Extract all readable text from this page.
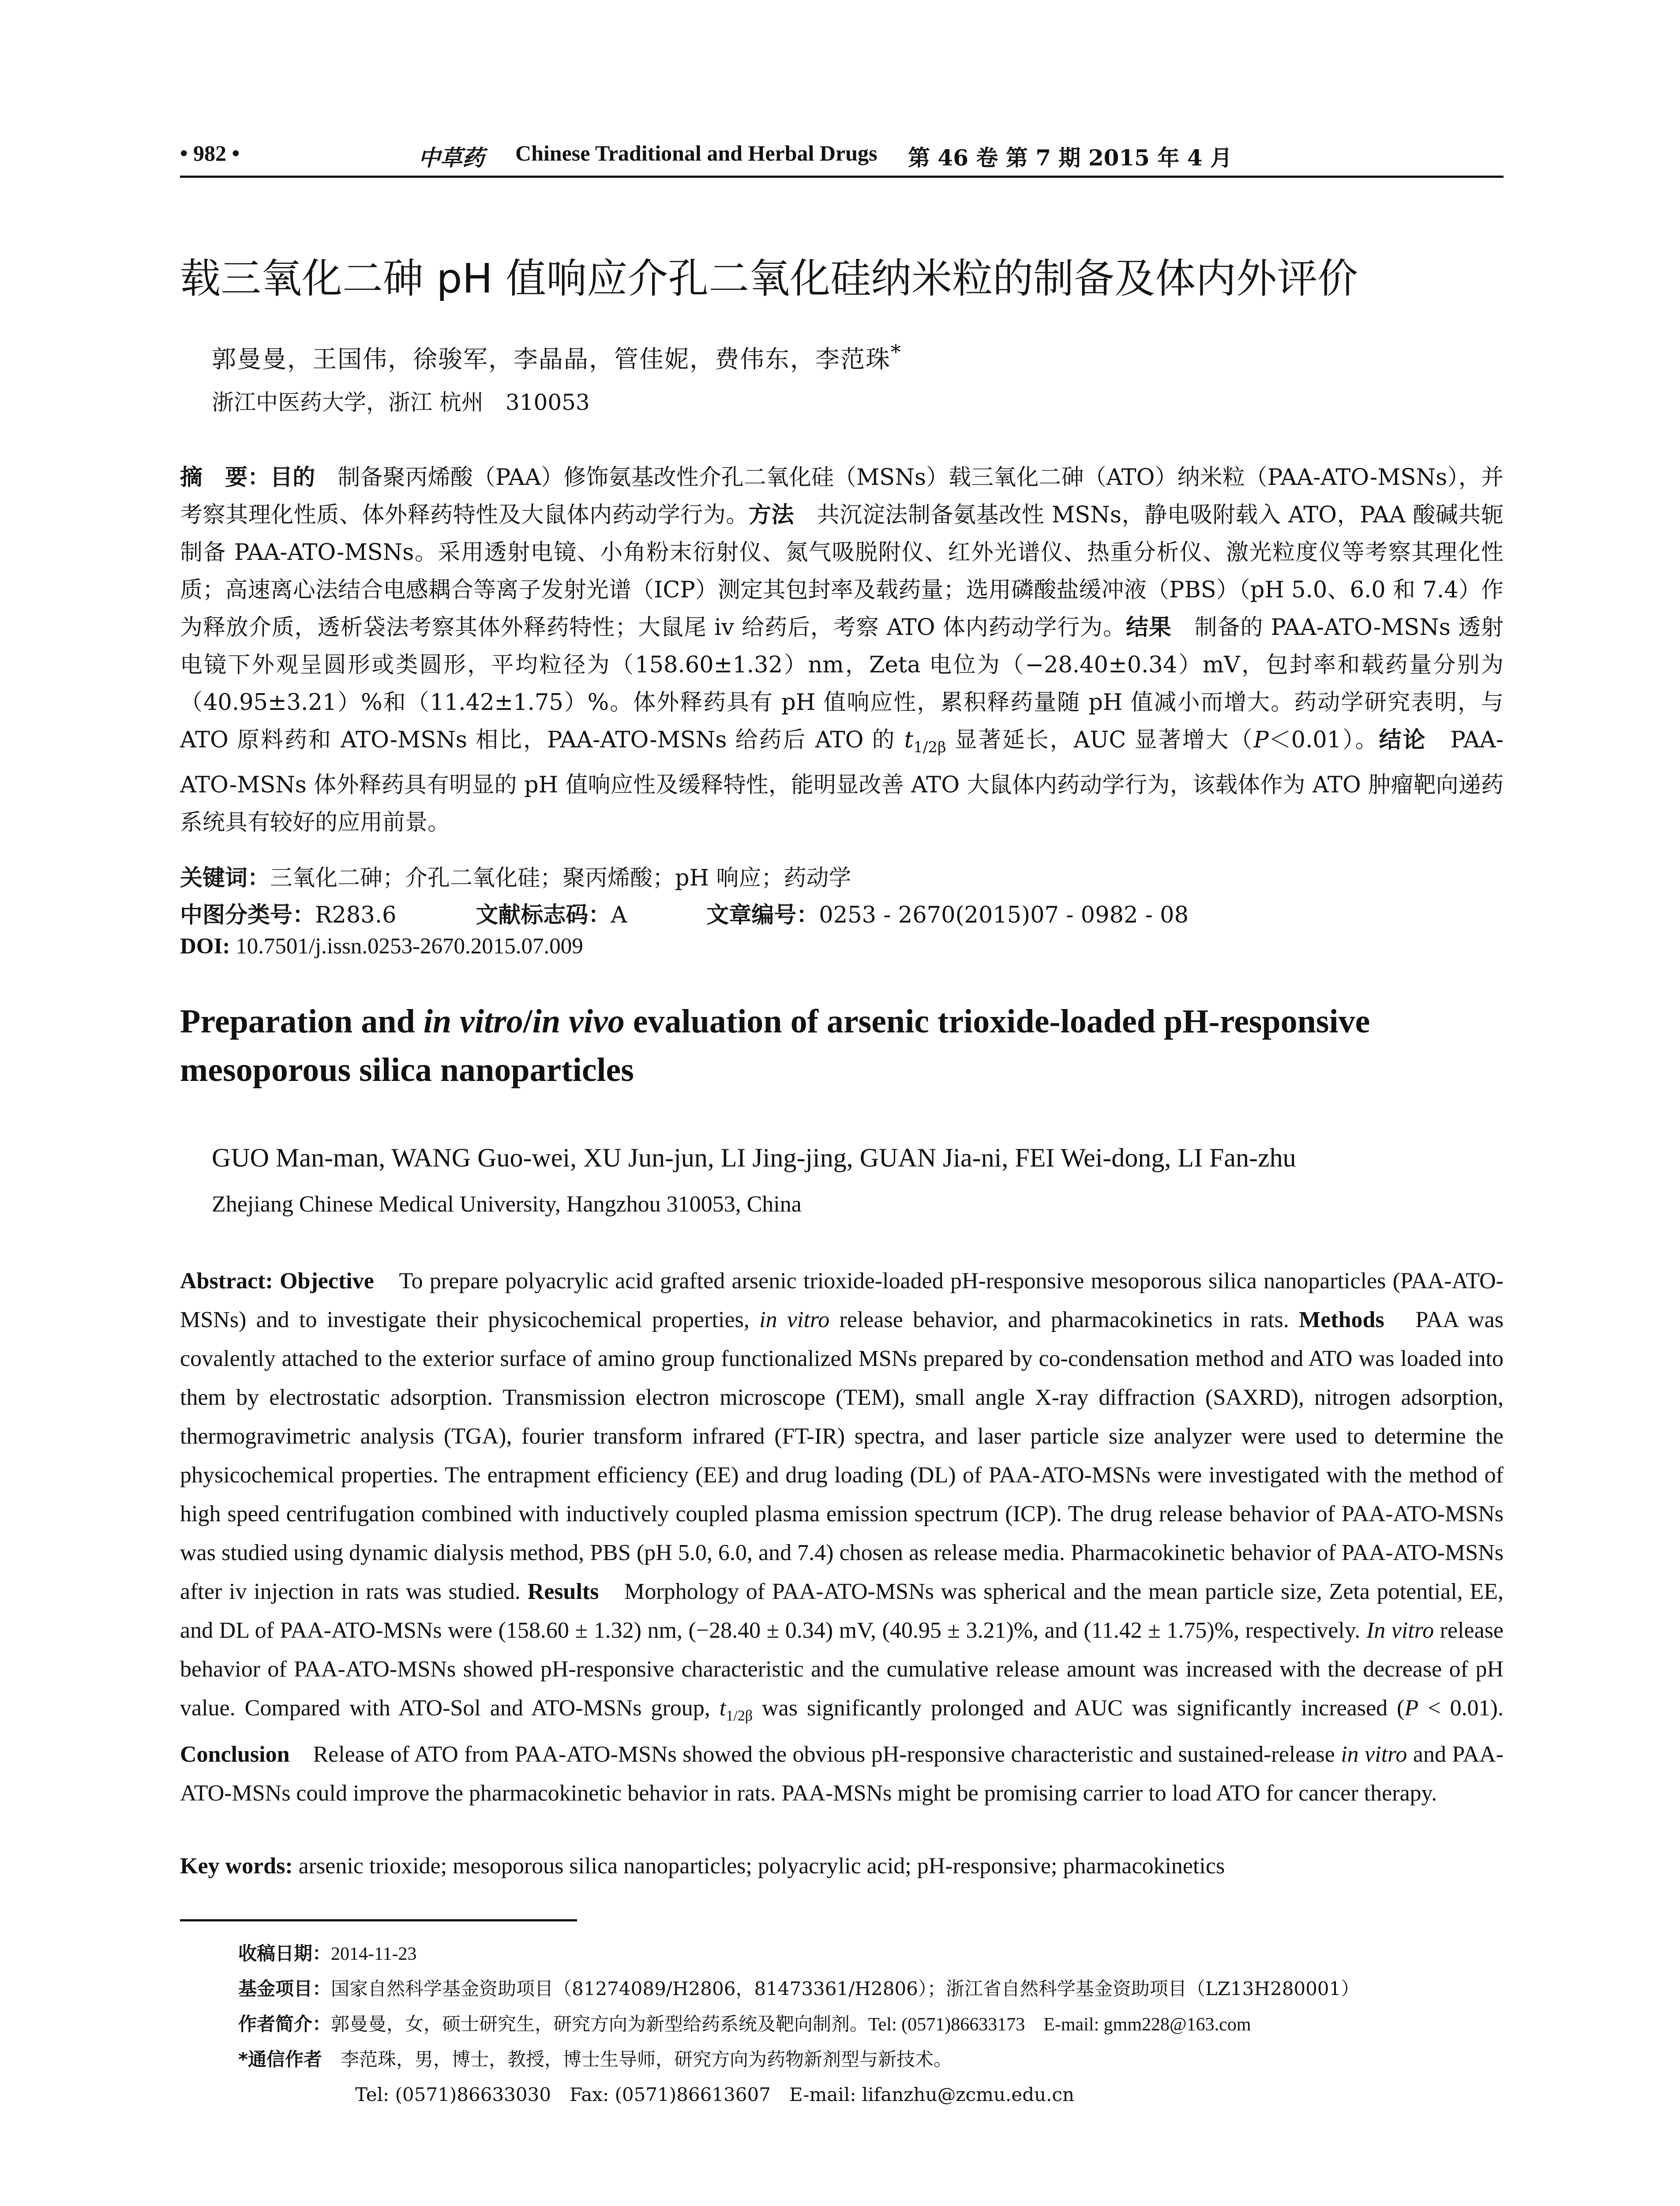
• 982 •	中草药 Chinese Traditional and Herbal Drugs 第 46 卷 第 7 期 2015 年 4 月
载三氧化二砷 pH 值响应介孔二氧化硅纳米粒的制备及体内外评价
郭曼曼，王国伟，徐骏军，李晶晶，管佳妮，费伟东，李范珠*
浙江中医药大学，浙江 杭州　310053
摘　要：目的　制备聚丙烯酸（PAA）修饰氨基改性介孔二氧化硅（MSNs）载三氧化二砷（ATO）纳米粒（PAA-ATO-MSNs），并考察其理化性质、体外释药特性及大鼠体内药动学行为。方法　共沉淀法制备氨基改性 MSNs，静电吸附载入 ATO，PAA 酸碱共轭制备 PAA-ATO-MSNs。采用透射电镜、小角粉末衍射仪、氮气吸脱附仪、红外光谱仪、热重分析仪、激光粒度仪等考察其理化性质；高速离心法结合电感耦合等离子发射光谱（ICP）测定其包封率及载药量；选用磷酸盐缓冲液（PBS）（pH 5.0、6.0 和 7.4）作为释放介质，透析袋法考察其体外释药特性；大鼠尾 iv 给药后，考察 ATO 体内药动学行为。结果　制备的 PAA-ATO-MSNs 透射电镜下外观呈圆形或类圆形，平均粒径为（158.60±1.32）nm，Zeta 电位为（−28.40±0.34）mV，包封率和载药量分别为（40.95±3.21）%和（11.42±1.75）%。体外释药具有 pH 值响应性，累积释药量随 pH 值减小而增大。药动学研究表明，与 ATO 原料药和 ATO-MSNs 相比，PAA-ATO-MSNs 给药后 ATO 的 $t_{1/2\beta}$ 显著延长，AUC 显著增大（P＜0.01）。结论　PAA-ATO-MSNs 体外释药具有明显的 pH 值响应性及缓释特性，能明显改善 ATO 大鼠体内药动学行为，该载体作为 ATO 肿瘤靶向递药系统具有较好的应用前景。
关键词：三氧化二砷；介孔二氧化硅；聚丙烯酸；pH 响应；药动学
中图分类号：R283.6	文献标志码：A	文章编号：0253 - 2670(2015)07 - 0982 - 08
DOI: 10.7501/j.issn.0253-2670.2015.07.009
Preparation and in vitro/in vivo evaluation of arsenic trioxide-loaded pH-responsive mesoporous silica nanoparticles
GUO Man-man, WANG Guo-wei, XU Jun-jun, LI Jing-jing, GUAN Jia-ni, FEI Wei-dong, LI Fan-zhu
Zhejiang Chinese Medical University, Hangzhou 310053, China
Abstract: Objective　To prepare polyacrylic acid grafted arsenic trioxide-loaded pH-responsive mesoporous silica nanoparticles (PAA-ATO-MSNs) and to investigate their physicochemical properties, in vitro release behavior, and pharmacokinetics in rats. Methods　PAA was covalently attached to the exterior surface of amino group functionalized MSNs prepared by co-condensation method and ATO was loaded into them by electrostatic adsorption. Transmission electron microscope (TEM), small angle X-ray diffraction (SAXRD), nitrogen adsorption, thermogravimetric analysis (TGA), fourier transform infrared (FT-IR) spectra, and laser particle size analyzer were used to determine the physicochemical properties. The entrapment efficiency (EE) and drug loading (DL) of PAA-ATO-MSNs were investigated with the method of high speed centrifugation combined with inductively coupled plasma emission spectrum (ICP). The drug release behavior of PAA-ATO-MSNs was studied using dynamic dialysis method, PBS (pH 5.0, 6.0, and 7.4) chosen as release media. Pharmacokinetic behavior of PAA-ATO-MSNs after iv injection in rats was studied. Results　Morphology of PAA-ATO-MSNs was spherical and the mean particle size, Zeta potential, EE, and DL of PAA-ATO-MSNs were (158.60 ± 1.32) nm, (−28.40 ± 0.34) mV, (40.95 ± 3.21)%, and (11.42 ± 1.75)%, respectively. In vitro release behavior of PAA-ATO-MSNs showed pH-responsive characteristic and the cumulative release amount was increased with the decrease of pH value. Compared with ATO-Sol and ATO-MSNs group, $t_{1/2\beta}$ was significantly prolonged and AUC was significantly increased (P < 0.01). Conclusion　Release of ATO from PAA-ATO-MSNs showed the obvious pH-responsive characteristic and sustained-release in vitro and PAA-ATO-MSNs could improve the pharmacokinetic behavior in rats. PAA-MSNs might be promising carrier to load ATO for cancer therapy.
Key words: arsenic trioxide; mesoporous silica nanoparticles; polyacrylic acid; pH-responsive; pharmacokinetics
收稿日期：2014-11-23
基金项目：国家自然科学基金资助项目（81274089/H2806，81473361/H2806）；浙江省自然科学基金资助项目（LZ13H280001）
作者简介：郭曼曼，女，硕士研究生，研究方向为新型给药系统及靶向制剂。Tel: (0571)86633173　E-mail: gmm228@163.com
*通信作者　李范珠，男，博士，教授，博士生导师，研究方向为药物新剂型与新技术。
Tel: (0571)86633030　Fax: (0571)86613607　E-mail: lifanzhu@zcmu.edu.cn
